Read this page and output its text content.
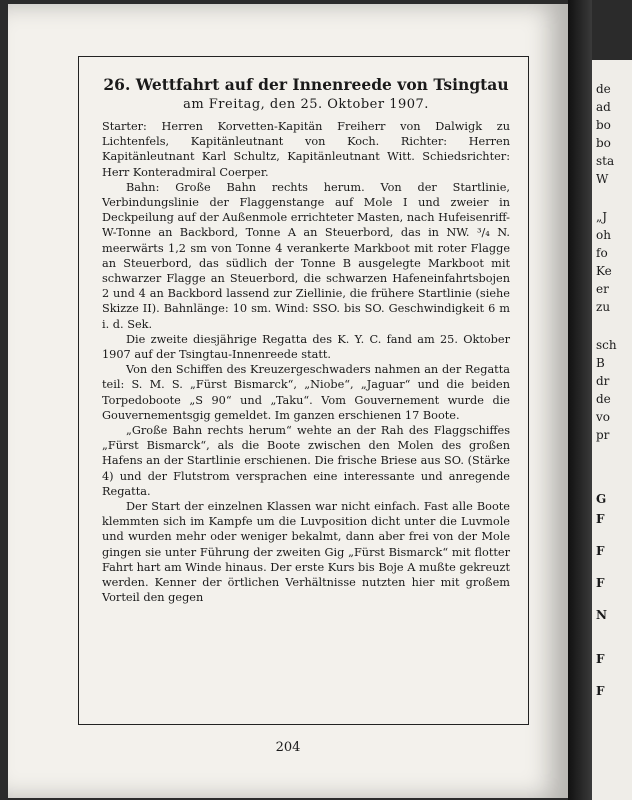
26. Wettfahrt auf der Innenreede von Tsingtau
am Freitag, den 25. Oktober 1907.

Starter: Herren Korvetten-Kapitän Freiherr von Dalwigk zu Lichtenfels, Kapitänleutnant von Koch. Richter: Herren Kapitänleutnant Karl Schultz, Kapitänleutnant Witt. Schiedsrichter: Herr Konteradmiral Coerper.

Bahn: Große Bahn rechts herum. Von der Startlinie, Verbindungslinie der Flaggenstange auf Mole I und zweier in Deckpeilung auf der Außenmole errichteter Masten, nach Hufeisenriff-W-Tonne an Backbord, Tonne A an Steuerbord, das in NW. ³/₄ N. meerwärts 1,2 sm von Tonne 4 verankerte Markboot mit roter Flagge an Steuerbord, das südlich der Tonne B ausgelegte Markboot mit schwarzer Flagge an Steuerbord, die schwarzen Hafeneinfahrtsbojen 2 und 4 an Backbord lassend zur Ziellinie, die frühere Startlinie (siehe Skizze II). Bahnlänge: 10 sm. Wind: SSO. bis SO. Geschwindigkeit 6 m i. d. Sek.

Die zweite diesjährige Regatta des K. Y. C. fand am 25. Oktober 1907 auf der Tsingtau-Innenreede statt.

Von den Schiffen des Kreuzergeschwaders nahmen an der Regatta teil: S. M. S. „Fürst Bismarck“, „Niobe“, „Jaguar“ und die beiden Torpedoboote „S 90“ und „Taku“. Vom Gouvernement wurde die Gouvernementsgig gemeldet. Im ganzen erschienen 17 Boote.

„Große Bahn rechts herum“ wehte an der Rah des Flaggschiffes „Fürst Bismarck“, als die Boote zwischen den Molen des großen Hafens an der Startlinie erschienen. Die frische Briese aus SO. (Stärke 4) und der Flutstrom versprachen eine interessante und anregende Regatta.

Der Start der einzelnen Klassen war nicht einfach. Fast alle Boote klemmten sich im Kampfe um die Luvposition dicht unter die Luvmole und wurden mehr oder weniger bekalmt, dann aber frei von der Mole gingen sie unter Führung der zweiten Gig „Fürst Bismarck“ mit flotter Fahrt hart am Winde hinaus. Der erste Kurs bis Boje A mußte gekreuzt werden. Kenner der örtlichen Verhältnisse nutzten hier mit großem Vorteil den gegen

204
de
ad
bo
bo
sta
W
„J
oh
fo
Ke
er
zu
sch
B
dr
de
vo
pr
G
F
F
F
N
F
F
